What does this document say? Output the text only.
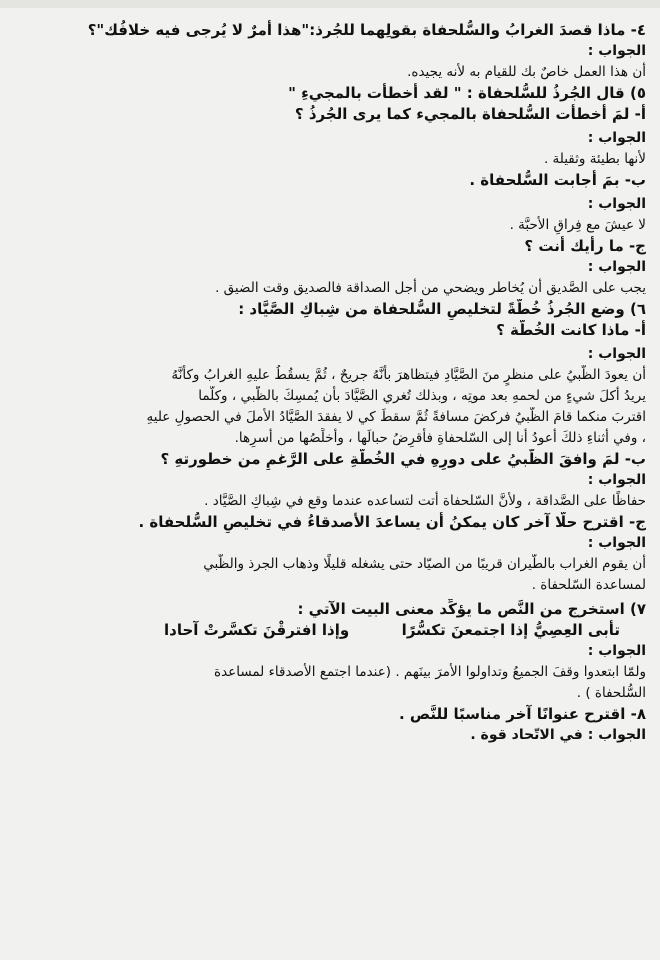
٤- ماذا قصدَ الغرابُ والسُّلحفاة بقولِهما للجُرذ:"هذا أمرٌ لا يُرجى فيه خلافُك"؟
الجواب :
أن هذا العمل خاصٌ بك للقيام به لأنه يجيده.
٥) قال الجُرذُ للسُّلحفاة : " لقد أخطأت بالمجيءِ "
أ- لمَ أخطأت السُّلحفاة بالمجيء كما يرى الجُرذُ ؟
الجواب :
لأنها بطيئة وثقيلة .
ب- بمَ أجابت السُّلحفاة .
الجواب :
لا عيشَ مع فِراقِ الأحبَّة .
ج- ما رأيك أنت ؟
الجواب :
يجب على الصَّديق أن يُخاطر ويضحي من أجل الصداقة فالصديق وقت الضيق .
٦) وضع الجُرذُ خُطَّةً لتخليصِ السُّلحفاة من شِباكِ الصَّيَّاد :
أ- ماذا كانت الخُطَّة ؟
الجواب :
أن يعودَ الظَّبيُ على منظرٍ منَ الصَّيَّادِ فيتظاهرَ بأنَّهُ جريحٌ ، ثُمَّ يسقُطُ عليهِ الغرابُ وكأنَّهُ
يريدُ أكلَ شيءٍ من لحمهِ بعد موتِه ، وبذلك تُغري الصَّيَّادَ بأن يُمسِكَ بالظَّبي ، وكلَّما
اقتربَ منكما قامَ الظَّبيُ فركضَ مسافةً ثُمَّ سقطَ كي لا يفقدَ الصَّيَّادُ الأملَ في الحصولِ عليهِ
، وفي أثناءِ ذلكَ أعودُ أنا إلى السّلحفاةِ فأقرِضُ حبالَها ، وأخلِّصُها من أسرِها.
ب- لمَ وافقَ الظَّبيُ على دورِهِ في الخُطَّةِ على الرَّغمِ من خطورتهِ ؟
الجواب :
حفاظًا على الصَّداقة ، ولأنَّ السّلحفاة أتت لتساعده عندما وقع في شِباكِ الصَّيَّاد .
ج- اقترح حلًّا آخر كان يمكنُ أن يساعدَ الأصدقاءُ في تخليصِ السُّلحفاة .
الجواب :
أن يقوم الغراب بالطَّيران قريبًا من الصيّاد حتى يشغله قليلًا وذهاب الجرذ والظَّبي
لمساعدة السّلحفاة .
٧) استخرج من النَّص ما يؤكِّد معنى البيت الآتي :
تأبى العِصِيُّ إذا اجتمعنَ تكسُّرًا
وإذا افترقْنَ تكسَّرتْ آحادا
الجواب :
ولمّا ابتعدوا وقفَ الجميعُ وتداولوا الأمرَ بينَهم . (عندما اجتمع الأصدقاء لمساعدة
السُّلحفاة ) .
٨- اقترح عنوانًا آخر مناسبًا للنَّص .
الجواب : في الاتّحاد قوة .
